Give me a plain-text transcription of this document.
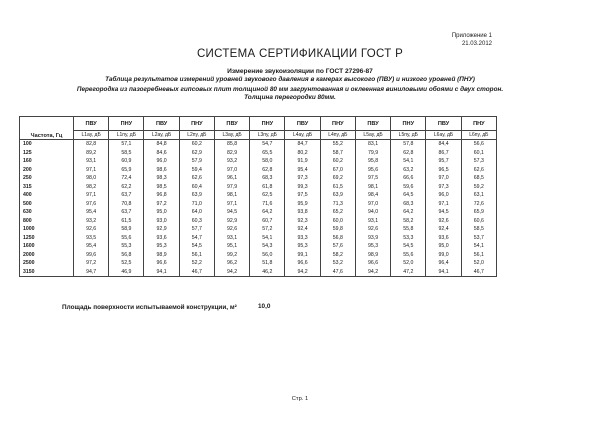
Приложение 1
21.03.2012
СИСТЕМА СЕРТИФИКАЦИИ ГОСТ Р
Измерение звукоизоляции по ГОСТ 27296-87
Таблица результатов измерений уровней звукового давления в камерах высокого (ПВУ) и низкого уровней (ПНУ)
Перегородка из пазогребневых гипсовых плит толщиной 80 мм загрунтованная и оклеенная виниловыми обоями с двух сторон. Толщина перегородки 80мм.
Частота, Гц	ПВУ	ПНУ	ПВУ	ПНУ	ПВУ	ПНУ	ПВУ	ПНУ	ПВУ	ПНУ	ПВУ	ПНУ
	L1ау, дБ	L1пу, дБ	L2ау, дБ	L2пу, дБ	L3ау, дБ	L3пу, дБ	L4ау, дБ	L4пу, дБ	L5ау, дБ	L5пу, дБ	L6ау, дБ	L6пу, дБ
100	82,8	57,1	84,8	60,2	85,8	54,7	84,7	55,2	83,1	57,8	84,4	56,6
125	89,2	58,5	84,6	62,9	82,9	65,5	80,2	58,7	79,9	62,8	86,7	60,1
160	93,1	60,9	96,0	57,9	93,2	58,0	91,9	60,2	95,8	54,1	95,7	57,3
200	97,1	65,9	98,6	59,4	97,0	62,8	95,4	67,0	95,6	63,2	96,5	62,6
250	98,0	72,4	98,3	62,6	96,1	68,3	97,3	69,2	97,5	66,6	97,0	68,5
315	98,2	62,2	98,5	60,4	97,9	61,8	99,3	61,5	98,1	59,6	97,3	59,2
400	97,1	63,7	96,8	63,9	98,1	62,5	97,5	63,9	98,4	64,5	96,0	63,1
500	97,6	70,8	97,2	71,0	97,1	71,6	95,9	71,3	97,0	68,3	97,1	72,6
630	95,4	63,7	95,0	64,0	94,5	64,2	93,8	65,2	94,0	64,2	94,5	65,9
800	93,2	61,5	93,0	60,3	92,9	60,7	92,3	60,0	93,1	58,2	92,6	60,6
1000	92,6	58,9	92,9	57,7	92,6	57,2	92,4	59,8	92,6	55,8	92,4	58,5
1250	93,5	55,6	93,6	54,7	93,1	54,1	93,3	56,8	93,9	53,3	93,6	53,7
1600	95,4	55,3	95,3	54,5	95,1	54,3	95,3	57,6	95,3	54,5	95,0	54,1
2000	99,6	56,8	98,9	56,1	99,2	56,0	99,1	58,2	98,9	55,6	99,0	56,1
2500	97,2	52,5	96,6	52,2	96,2	51,8	96,6	53,2	96,6	52,0	96,4	52,0
3150	94,7	46,9	94,1	46,7	94,2	46,2	94,2	47,6	94,2	47,2	94,1	46,7
Площадь поверхности испытываемой конструкции, м²	10,0
Стр. 1
